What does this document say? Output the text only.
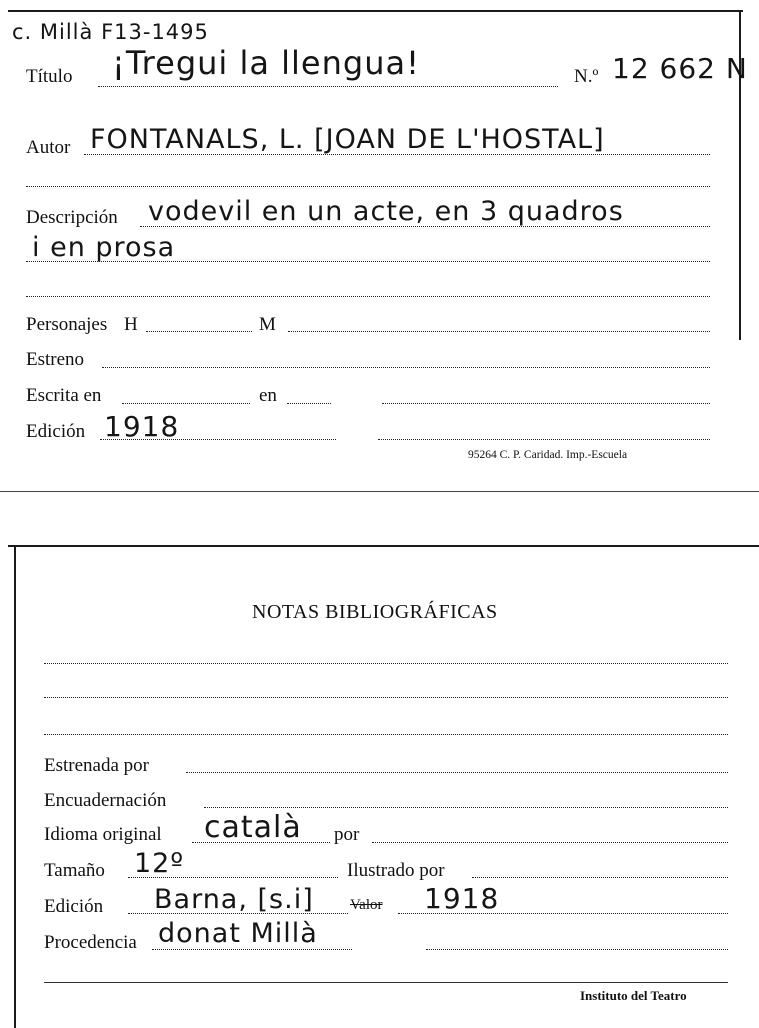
c. Millà F13-1495
Título ¡Tregui la llengua!	N.º 12 662 N
Autor FONTANALS, L. [JOAN DE L'HOSTAL]
Descripción vodevil en un acte, en 3 quadros
i en prosa
Personajes H	M
Estreno
Escrita en	en
Edición 1918
95264 C. P. Caridad. Imp.-Escuela
NOTAS BIBLIOGRÁFICAS
Estrenada por
Encuadernación
Idioma original català por
Tamaño 12º	Ilustrado por
Edición Barna, [s.i] Valor 1918
Procedencia donat Millà
Instituto del Teatro
